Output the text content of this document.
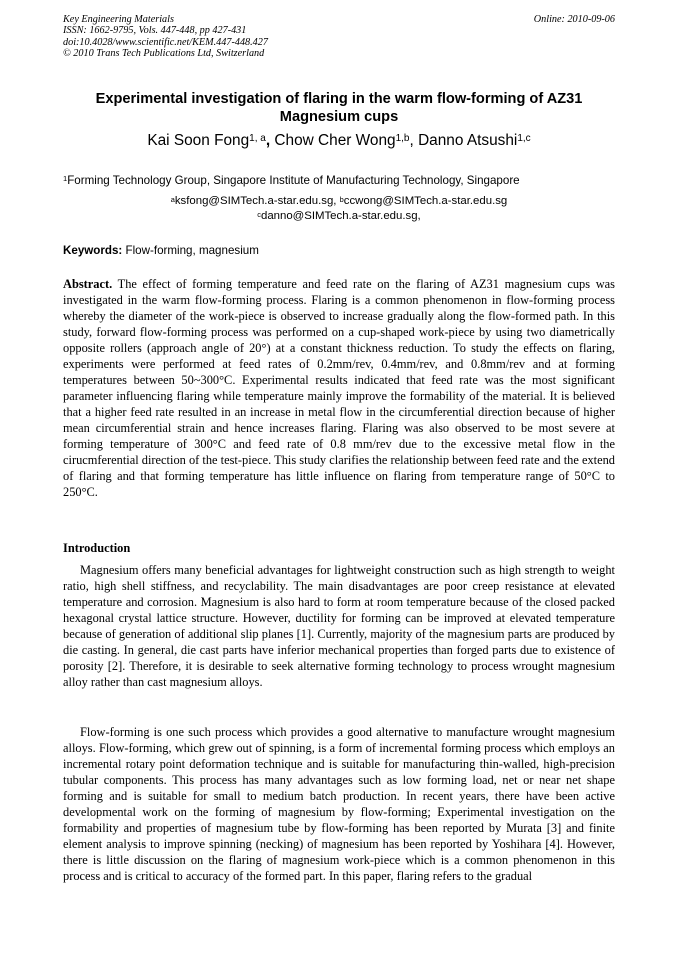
Key Engineering Materials
ISSN: 1662-9795, Vols. 447-448, pp 427-431
doi:10.4028/www.scientific.net/KEM.447-448.427
© 2010 Trans Tech Publications Ltd, Switzerland
Online: 2010-09-06
Experimental investigation of flaring in the warm flow-forming of AZ31
Magnesium cups
Kai Soon Fong$^{1, a}$, Chow Cher Wong$^{1,b}$, Danno Atsushi$^{1,c}$
$^1$Forming Technology Group, Singapore Institute of Manufacturing Technology, Singapore
$^a$ksfong@SIMTech.a-star.edu.sg, $^b$ccwong@SIMTech.a-star.edu.sg
$^c$danno@SIMTech.a-star.edu.sg,
Keywords: Flow-forming, magnesium
Abstract. The effect of forming temperature and feed rate on the flaring of AZ31 magnesium cups was investigated in the warm flow-forming process. Flaring is a common phenomenon in flow-forming process whereby the diameter of the work-piece is observed to increase gradually along the flow-formed path. In this study, forward flow-forming process was performed on a cup-shaped work-piece by using two diametrically opposite rollers (approach angle of 20°) at a constant thickness reduction. To study the effects on flaring, experiments were performed at feed rates of 0.2mm/rev, 0.4mm/rev, and 0.8mm/rev and at forming temperatures between 50~300°C. Experimental results indicated that feed rate was the most significant parameter influencing flaring while temperature mainly improve the formability of the material. It is believed that a higher feed rate resulted in an increase in metal flow in the circumferential direction because of higher mean circumferential strain and hence increases flaring. Flaring was also observed to be most severe at forming temperature of 300°C and feed rate of 0.8 mm/rev due to the excessive metal flow in the cirucmferential direction of the test-piece. This study clarifies the relationship between feed rate and the extend of flaring and that forming temperature has little influence on flaring from temperature range of 50°C to 250°C.
Introduction
Magnesium offers many beneficial advantages for lightweight construction such as high strength to weight ratio, high shell stiffness, and recyclability. The main disadvantages are poor creep resistance at elevated temperature and corrosion. Magnesium is also hard to form at room temperature because of the closed packed hexagonal crystal lattice structure. However, ductility for forming can be improved at elevated temperature because of generation of additional slip planes [1]. Currently, majority of the magnesium parts are produced by die casting. In general, die cast parts have inferior mechanical properties than forged parts due to existence of porosity [2]. Therefore, it is desirable to seek alternative forming technology to process wrought magnesium alloy rather than cast magnesium alloys.
Flow-forming is one such process which provides a good alternative to manufacture wrought magnesium alloys. Flow-forming, which grew out of spinning, is a form of incremental forming process which employs an incremental rotary point deformation technique and is suitable for manufacturing thin-walled, high-precision tubular components. This process has many advantages such as low forming load, net or near net shape forming and is suitable for small to medium batch production. In recent years, there have been active developmental work on the forming of magnesium by flow-forming; Experimental investigation on the formability and properties of magnesium tube by flow-forming has been reported by Murata [3] and finite element analysis to improve spinning (necking) of magnesium has been reported by Yoshihara [4]. However, there is little discussion on the flaring of magnesium work-piece which is a common phenomenon in this process and is critical to accuracy of the formed part. In this paper, flaring refers to the gradual
